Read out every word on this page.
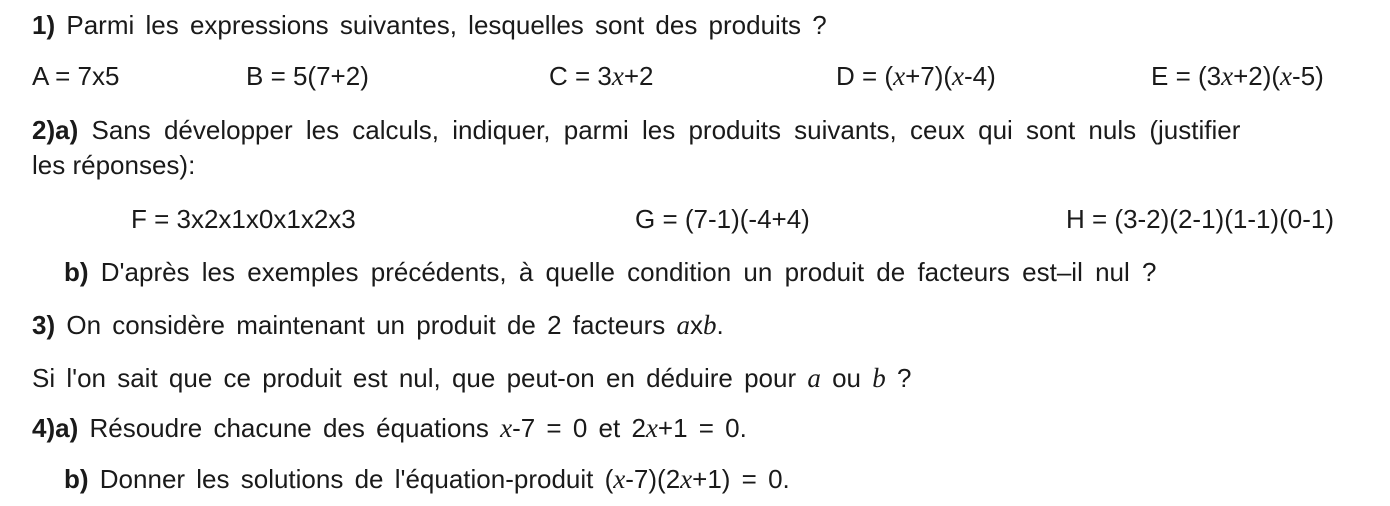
1) Parmi les expressions suivantes, lesquelles sont des produits ?
A = 7x5	B = 5(7+2)	C = 3x+2	D = (x+7)(x-4)	E = (3x+2)(x-5)
2)a) Sans développer les calculs, indiquer, parmi les produits suivants, ceux qui sont nuls (justifier
les réponses):
F = 3x2x1x0x1x2x3	G = (7-1)(-4+4)	H = (3-2)(2-1)(1-1)(0-1)
b) D'après les exemples précédents, à quelle condition un produit de facteurs est–il nul ?
3) On considère maintenant un produit de 2 facteurs axb.
Si l'on sait que ce produit est nul, que peut-on en déduire pour a ou b ?
4)a) Résoudre chacune des équations x-7 = 0 et 2x+1 = 0.
b) Donner les solutions de l'équation-produit (x-7)(2x+1) = 0.
